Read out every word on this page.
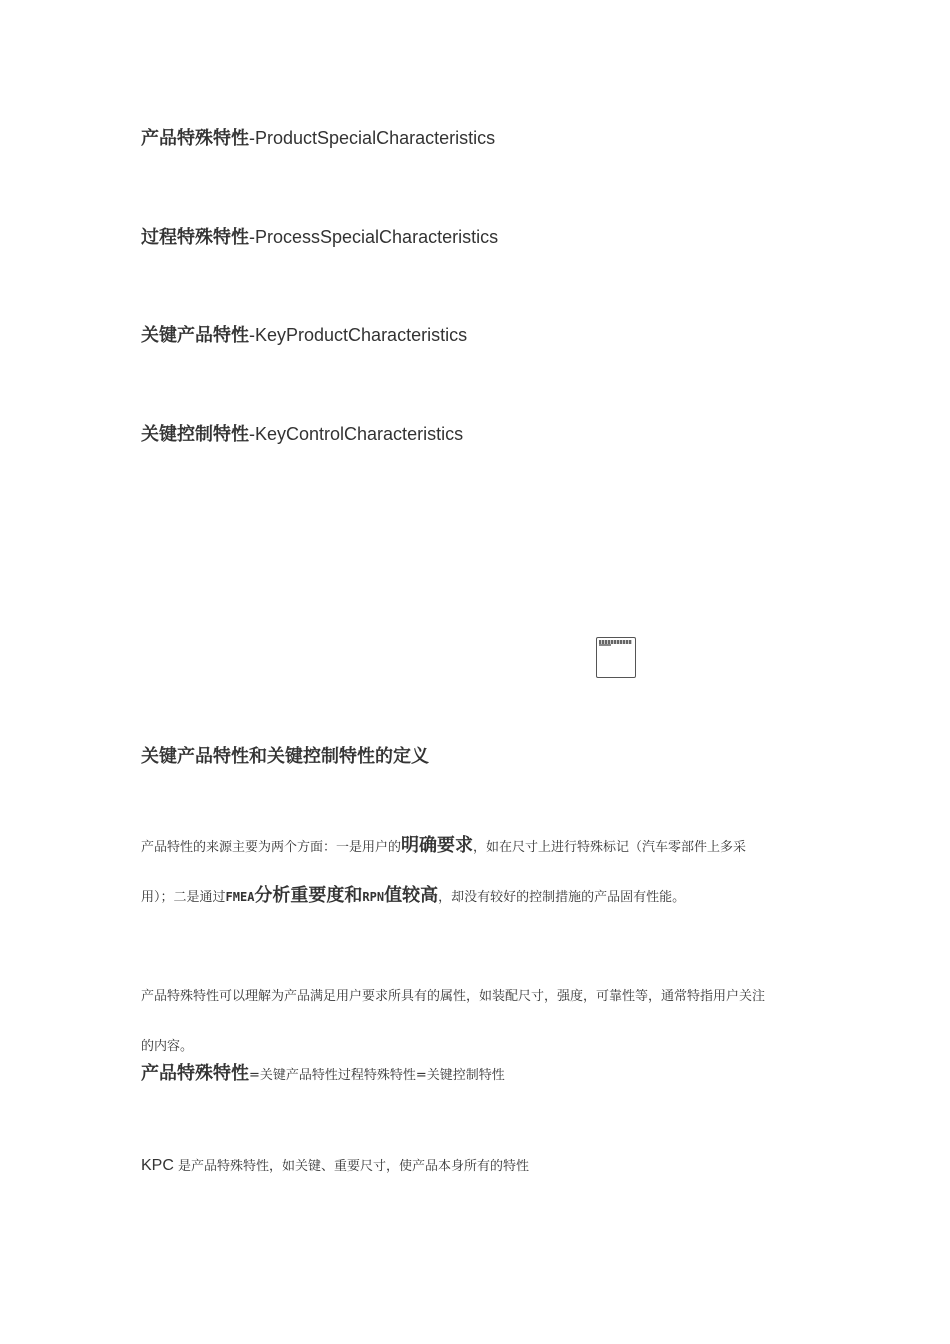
产品特殊特性-ProductSpecialCharacteristics
过程特殊特性-ProcessSpecialCharacteristics
关键产品特性-KeyProductCharacteristics
关键控制特性-KeyControlCharacteristics
关键产品特性和关键控制特性的定义
产品特性的来源主要为两个方面：一是用户的明确要求，如在尺寸上进行特殊标记（汽车零部件上多采
用）；二是通过FMEA分析重要度和RPN值较高，却没有较好的控制措施的产品固有性能。
产品特殊特性可以理解为产品满足用户要求所具有的属性，如装配尺寸，强度，可靠性等，通常特指用户关注
的内容。
产品特殊特性=关键产品特性过程特殊特性=关键控制特性
KPC 是产品特殊特性，如关键、重要尺寸，使产品本身所有的特性
